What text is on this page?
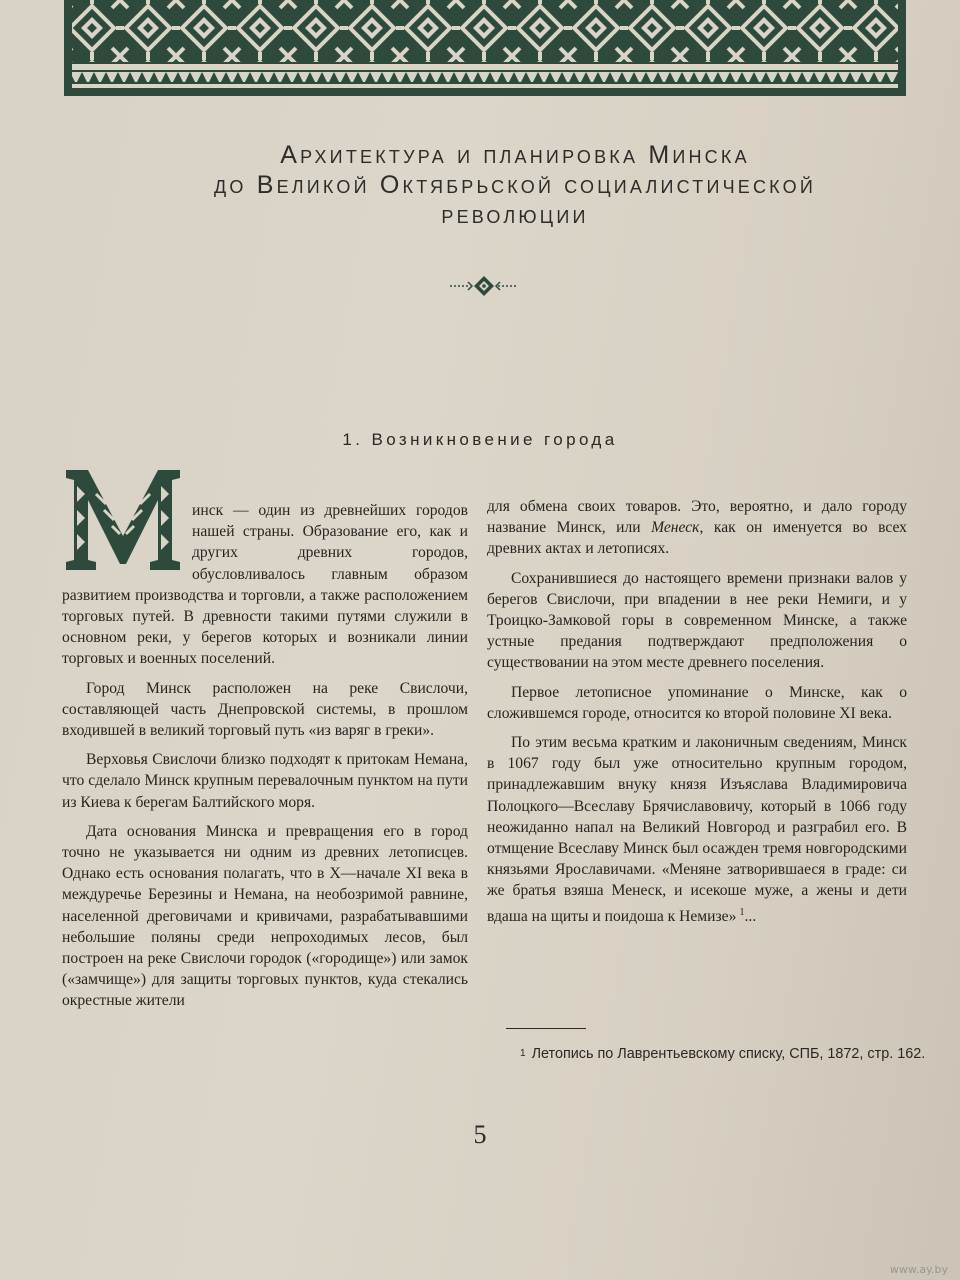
Архитектура и планировка Минска
до Великой Октябрьской социалистической
революции
1. Возникновение города

инск — один из древнейших городов нашей страны. Образование его, как и других древних городов, обусловливалось главным образом развитием производства и торговли, а также расположением торговых путей. В древности такими путями служили в основном реки, у берегов которых и возникали линии торговых и военных поселений.

Город Минск расположен на реке Свислочи, составляющей часть Днепровской системы, в прошлом входившей в великий торговый путь «из варяг в греки».

Верховья Свислочи близко подходят к притокам Немана, что сделало Минск крупным перевалочным пунктом на пути из Киева к берегам Балтийского моря.

Дата основания Минска и превращения его в город точно не указывается ни одним из древних летописцев. Однако есть основания полагать, что в X—начале XI века в междуречье Березины и Немана, на необозримой равнине, населенной дреговичами и кривичами, разрабатывавшими небольшие поляны среди непроходимых лесов, был построен на реке Свислочи городок («городище») или замок («замчище») для защиты торговых пунктов, куда стекались окрестные жители

для обмена своих товаров. Это, вероятно, и дало городу название Минск, или Менеск, как он именуется во всех древних актах и летописях.

Сохранившиеся до настоящего времени признаки валов у берегов Свислочи, при впадении в нее реки Немиги, и у Троицко-Замковой горы в современном Минске, а также устные предания подтверждают предположения о существовании на этом месте древнего поселения.

Первое летописное упоминание о Минске, как о сложившемся городе, относится ко второй половине XI века.

По этим весьма кратким и лаконичным сведениям, Минск в 1067 году был уже относительно крупным городом, принадлежавшим внуку князя Изъяслава Владимировича Полоцкого—Всеславу Брячиславовичу, который в 1066 году неожиданно напал на Великий Новгород и разграбил его. В отмщение Всеславу Минск был осажден тремя новгородскими князьями Ярославичами. «Меняне затворившаеся в граде: си же братья взяша Менеск, и исекоше муже, а жены и дети вдаша на щиты и поидоша к Немизе»  $^1$...

$^1$ Летопись по Лаврентьевскому списку, СПБ, 1872, стр. 162.
5
www.ay.by
